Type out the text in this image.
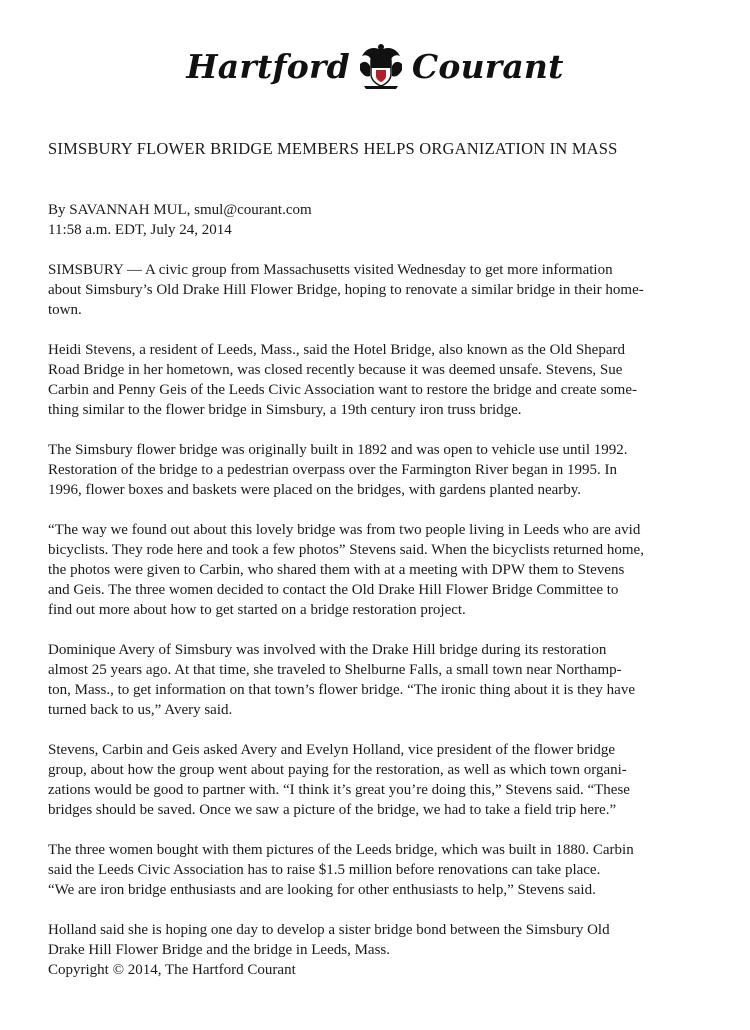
Hartford Courant
SIMSBURY FLOWER BRIDGE MEMBERS HELPS ORGANIZATION IN MASS
By SAVANNAH MUL, smul@courant.com
11:58 a.m. EDT, July 24, 2014

SIMSBURY — A civic group from Massachusetts visited Wednesday to get more information
about Simsbury’s Old Drake Hill Flower Bridge, hoping to renovate a similar bridge in their home-
town.

Heidi Stevens, a resident of Leeds, Mass., said the Hotel Bridge, also known as the Old Shepard
Road Bridge in her hometown, was closed recently because it was deemed unsafe. Stevens, Sue
Carbin and Penny Geis of the Leeds Civic Association want to restore the bridge and create some-
thing similar to the flower bridge in Simsbury, a 19th century iron truss bridge.

The Simsbury flower bridge was originally built in 1892 and was open to vehicle use until 1992.
Restoration of the bridge to a pedestrian overpass over the Farmington River began in 1995. In
1996, flower boxes and baskets were placed on the bridges, with gardens planted nearby.

“The way we found out about this lovely bridge was from two people living in Leeds who are avid
bicyclists. They rode here and took a few photos” Stevens said. When the bicyclists returned home,
the photos were given to Carbin, who shared them with at a meeting with DPW them to Stevens
and Geis. The three women decided to contact the Old Drake Hill Flower Bridge Committee to
find out more about how to get started on a bridge restoration project.

Dominique Avery of Simsbury was involved with the Drake Hill bridge during its restoration
almost 25 years ago. At that time, she traveled to Shelburne Falls, a small town near Northamp-
ton, Mass., to get information on that town’s flower bridge. “The ironic thing about it is they have
turned back to us,” Avery said.

Stevens, Carbin and Geis asked Avery and Evelyn Holland, vice president of the flower bridge
group, about how the group went about paying for the restoration, as well as which town organi-
zations would be good to partner with. “I think it’s great you’re doing this,” Stevens said. “These
bridges should be saved. Once we saw a picture of the bridge, we had to take a field trip here.”

The three women bought with them pictures of the Leeds bridge, which was built in 1880. Carbin
said the Leeds Civic Association has to raise $1.5 million before renovations can take place.
“We are iron bridge enthusiasts and are looking for other enthusiasts to help,” Stevens said.

Holland said she is hoping one day to develop a sister bridge bond between the Simsbury Old
Drake Hill Flower Bridge and the bridge in Leeds, Mass.

Copyright © 2014, The Hartford Courant
